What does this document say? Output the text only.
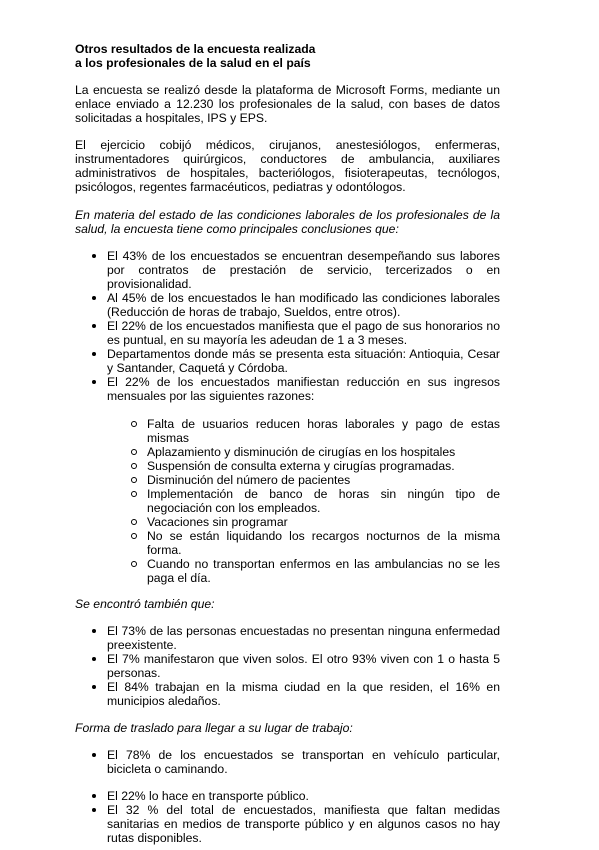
Otros resultados de la encuesta realizada
a los profesionales de la salud en el país

La encuesta se realizó desde la plataforma de Microsoft Forms, mediante un enlace enviado a 12.230 los profesionales de la salud, con bases de datos solicitadas a hospitales, IPS y EPS.

El ejercicio cobijó médicos, cirujanos, anestesiólogos, enfermeras, instrumentadores quirúrgicos, conductores de ambulancia, auxiliares administrativos de hospitales, bacteriólogos, fisioterapeutas, tecnólogos, psicólogos, regentes farmacéuticos, pediatras y odontólogos.

En materia del estado de las condiciones laborales de los profesionales de la salud, la encuesta tiene como principales conclusiones que:

El 43% de los encuestados se encuentran desempeñando sus labores por contratos de prestación de servicio, tercerizados o en provisionalidad.
Al 45% de los encuestados le han modificado las condiciones laborales (Reducción de horas de trabajo, Sueldos, entre otros).
El 22% de los encuestados manifiesta que el pago de sus honorarios no es puntual, en su mayoría les adeudan de 1 a 3 meses.
Departamentos donde más se presenta esta situación: Antioquia, Cesar y Santander, Caquetá y Córdoba.
El 22% de los encuestados manifiestan reducción en sus ingresos mensuales por las siguientes razones:
Falta de usuarios reducen horas laborales y pago de estas mismas
Aplazamiento y disminución de cirugías en los hospitales
Suspensión de consulta externa y cirugías programadas.
Disminución del número de pacientes
Implementación de banco de horas sin ningún tipo de negociación con los empleados.
Vacaciones sin programar
No se están liquidando los recargos nocturnos de la misma forma.
Cuando no transportan enfermos en las ambulancias no se les paga el día.

Se encontró también que:

El 73% de las personas encuestadas no presentan ninguna enfermedad preexistente.
El 7% manifestaron que viven solos. El otro 93% viven con 1 o hasta 5 personas.
El 84% trabajan en la misma ciudad en la que residen, el 16% en municipios aledaños.

Forma de traslado para llegar a su lugar de trabajo:

El 78% de los encuestados se transportan en vehículo particular, bicicleta o caminando.
El 22% lo hace en transporte público.
El 32 % del total de encuestados, manifiesta que faltan medidas sanitarias en medios de transporte público y en algunos casos no hay rutas disponibles.
